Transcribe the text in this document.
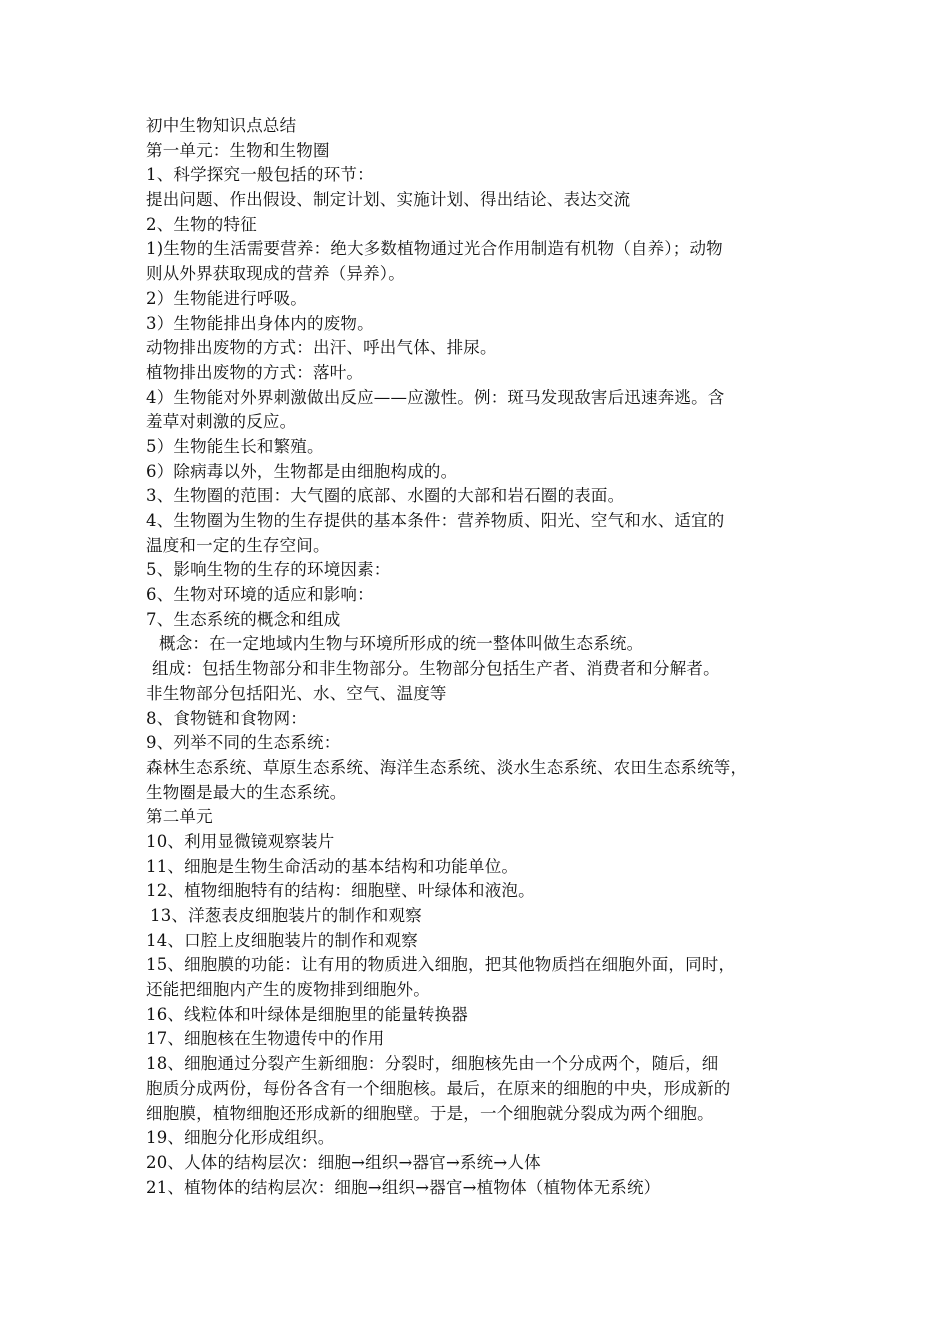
初中生物知识点总结
第一单元：生物和生物圈
1、科学探究一般包括的环节：
提出问题、作出假设、制定计划、实施计划、得出结论、表达交流
2、生物的特征
1)生物的生活需要营养：绝大多数植物通过光合作用制造有机物（自养）；动物
则从外界获取现成的营养（异养）。
2）生物能进行呼吸。
3）生物能排出身体内的废物。
动物排出废物的方式：出汗、呼出气体、排尿。
植物排出废物的方式：落叶。
4）生物能对外界刺激做出反应——应激性。例：斑马发现敌害后迅速奔逃。含
羞草对刺激的反应。
5）生物能生长和繁殖。
6）除病毒以外，生物都是由细胞构成的。
3、生物圈的范围：大气圈的底部、水圈的大部和岩石圈的表面。
4、生物圈为生物的生存提供的基本条件：营养物质、阳光、空气和水、适宜的
温度和一定的生存空间。
5、影响生物的生存的环境因素：
6、生物对环境的适应和影响：
7、生态系统的概念和组成
概念：在一定地域内生物与环境所形成的统一整体叫做生态系统。
组成：包括生物部分和非生物部分。生物部分包括生产者、消费者和分解者。
非生物部分包括阳光、水、空气、温度等
8、食物链和食物网：
9、列举不同的生态系统：
森林生态系统、草原生态系统、海洋生态系统、淡水生态系统、农田生态系统等，
生物圈是最大的生态系统。
第二单元
10、利用显微镜观察装片
11、细胞是生物生命活动的基本结构和功能单位。
12、植物细胞特有的结构：细胞壁、叶绿体和液泡。
13、洋葱表皮细胞装片的制作和观察
14、口腔上皮细胞装片的制作和观察
15、细胞膜的功能：让有用的物质进入细胞，把其他物质挡在细胞外面，同时，
还能把细胞内产生的废物排到细胞外。
16、线粒体和叶绿体是细胞里的能量转换器
17、细胞核在生物遗传中的作用
18、细胞通过分裂产生新细胞：分裂时，细胞核先由一个分成两个，随后，细
胞质分成两份，每份各含有一个细胞核。最后，在原来的细胞的中央，形成新的
细胞膜，植物细胞还形成新的细胞壁。于是，一个细胞就分裂成为两个细胞。
19、细胞分化形成组织。
20、人体的结构层次：细胞→组织→器官→系统→人体
21、植物体的结构层次：细胞→组织→器官→植物体（植物体无系统）
